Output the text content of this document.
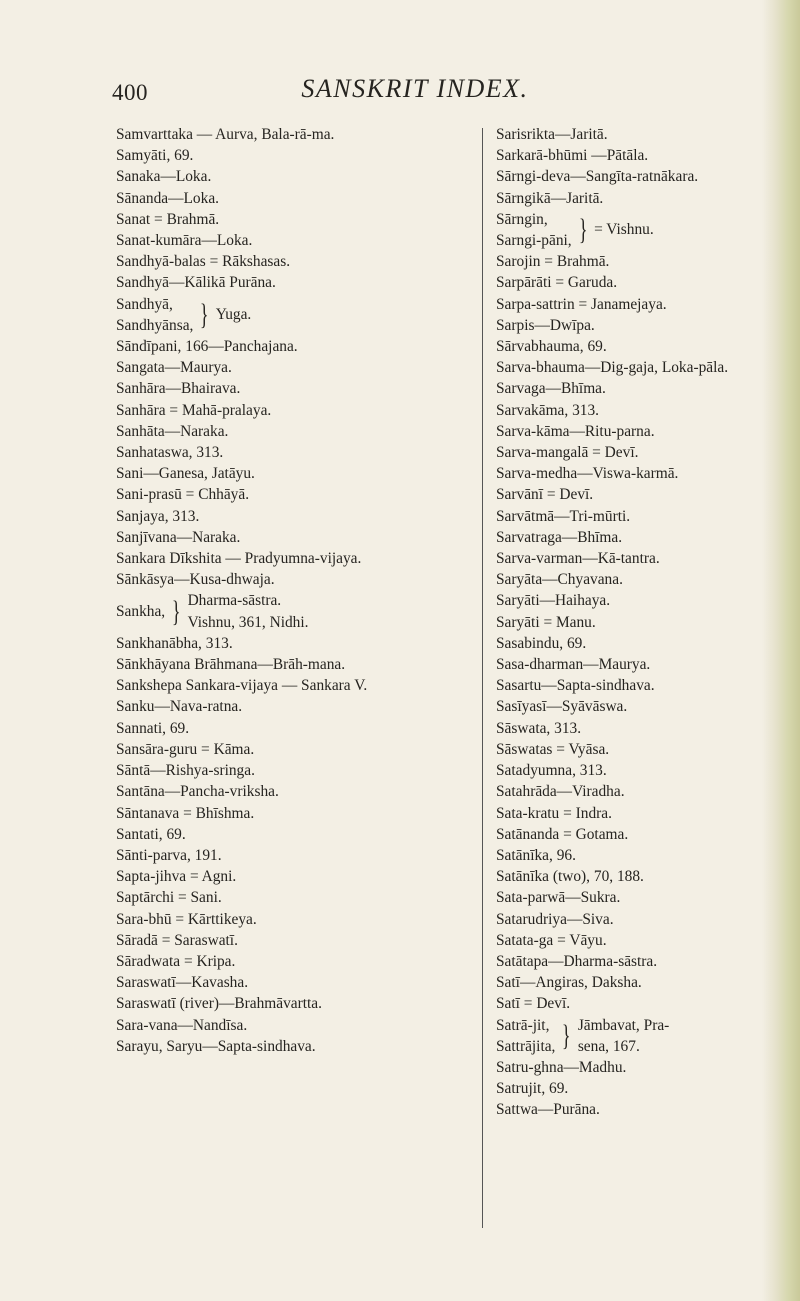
400	SANSKRIT INDEX.

Samvarttaka — Aurva, Bala-rā-ma.

Samyāti, 69.

Sanaka—Loka.

Sānanda—Loka.

Sanat = Brahmā.

Sanat-kumāra—Loka.

Sandhyā-balas = Rākshasas.

Sandhyā—Kālikā Purāna.

Sandhyā,
Sandhyānsa, } Yuga.

Sāndīpani, 166—Panchajana.

Sangata—Maurya.

Sanhāra—Bhairava.

Sanhāra = Mahā-pralaya.

Sanhāta—Naraka.

Sanhataswa, 313.

Sani—Ganesa, Jatāyu.

Sani-prasū = Chhāyā.

Sanjaya, 313.

Sanjīvana—Naraka.

Sankara Dīkshita — Pradyumna-vijaya.

Sānkāsya—Kusa-dhwaja.

Sankha, } Dharma-sāstra.
Vishnu, 361, Nidhi.

Sankhanābha, 313.

Sānkhāyana Brāhmana—Brāh-mana.

Sankshepa Sankara-vijaya — Sankara V.

Sanku—Nava-ratna.

Sannati, 69.

Sansāra-guru = Kāma.

Sāntā—Rishya-sringa.

Santāna—Pancha-vriksha.

Sāntanava = Bhīshma.

Santati, 69.

Sānti-parva, 191.

Sapta-jihva = Agni.

Saptārchi = Sani.

Sara-bhū = Kārttikeya.

Sāradā = Saraswatī.

Sāradwata = Kripa.

Saraswatī—Kavasha.

Saraswatī (river)—Brahmāvartta.

Sara-vana—Nandīsa.

Sarayu, Saryu—Sapta-sindhava.

Sarisrikta—Jaritā.

Sarkarā-bhūmi —Pātāla.

Sārngi-deva—Sangīta-ratnākara.

Sārngikā—Jaritā.

Sārngin,
Sarngi-pāni, } = Vishnu.

Sarojin = Brahmā.

Sarpārāti = Garuda.

Sarpa-sattrin = Janamejaya.

Sarpis—Dwīpa.

Sārvabhauma, 69.

Sarva-bhauma—Dig-gaja, Loka-pāla.

Sarvaga—Bhīma.

Sarvakāma, 313.

Sarva-kāma—Ritu-parna.

Sarva-mangalā = Devī.

Sarva-medha—Viswa-karmā.

Sarvānī = Devī.

Sarvātmā—Tri-mūrti.

Sarvatraga—Bhīma.

Sarva-varman—Kā-tantra.

Saryāta—Chyavana.

Saryāti—Haihaya.

Saryāti = Manu.

Sasabindu, 69.

Sasa-dharman—Maurya.

Sasartu—Sapta-sindhava.

Sasīyasī—Syāvāswa.

Sāswata, 313.

Sāswatas = Vyāsa.

Satadyumna, 313.

Satahrāda—Viradha.

Sata-kratu = Indra.

Satānanda = Gotama.

Satānīka, 96.

Satānīka (two), 70, 188.

Sata-parwā—Sukra.

Satarudriya—Siva.

Satata-ga = Vāyu.

Satātapa—Dharma-sāstra.

Satī—Angiras, Daksha.

Satī = Devī.

Satrā-jit,
Sattrājita, } Jāmbavat, Pra-
sena, 167.

Satru-ghna—Madhu.

Satrujit, 69.

Sattwa—Purāna.
